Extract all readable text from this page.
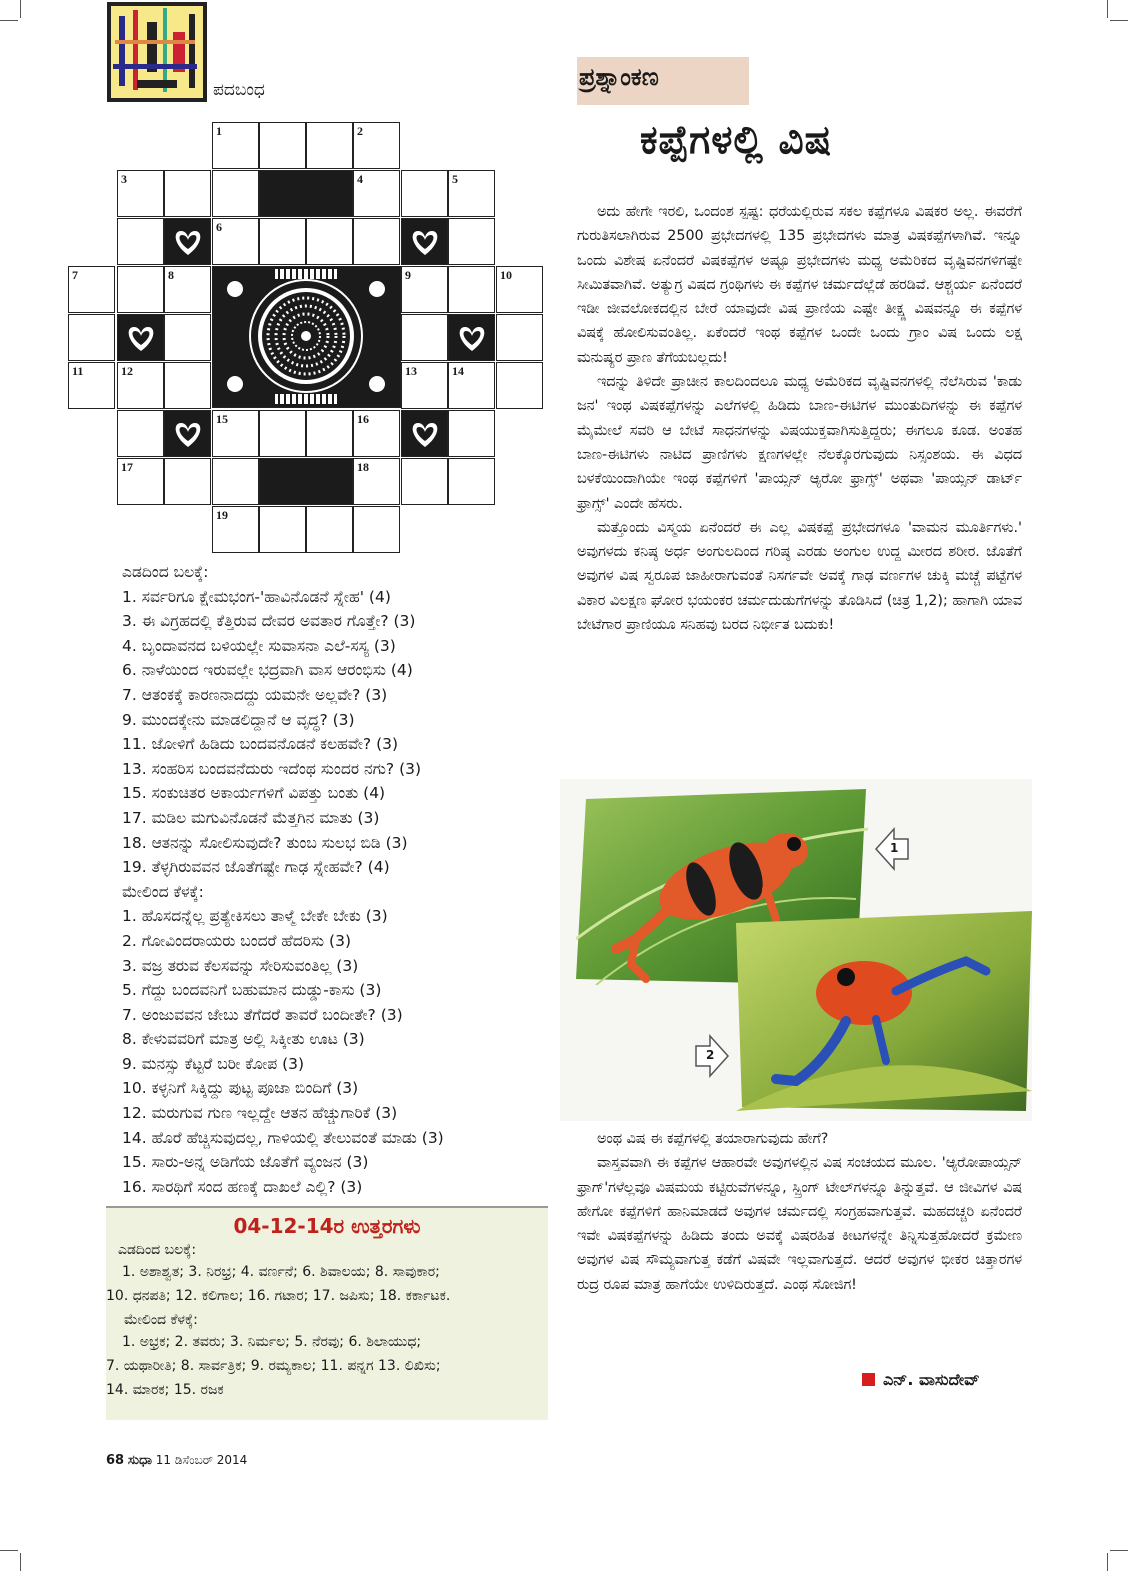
ಪದಬಂಧ
1	2
3	4	5
6
7	8	9	10
11	12	13	14
15	16
17	18
19
ಎಡದಿಂದ ಬಲಕ್ಕೆ:
1. ಸರ್ವರಿಗೂ ಕ್ಷೇಮಭಂಗ-'ಹಾವಿನೊಡನೆ ಸ್ನೇಹ' (4)
3. ಈ ವಿಗ್ರಹದಲ್ಲಿ ಕೆತ್ತಿರುವ ದೇವರ ಅವತಾರ ಗೊತ್ತೇ? (3)
4. ಬೃಂದಾವನದ ಬಳಿಯಲ್ಲೇ ಸುವಾಸನಾ ಎಲೆ-ಸಸ್ಯ (3)
6. ನಾಳೆಯಿಂದ ಇರುವಲ್ಲೇ ಭದ್ರವಾಗಿ ವಾಸ ಆರಂಭಿಸು (4)
7. ಆತಂಕಕ್ಕೆ ಕಾರಣನಾದದ್ದು ಯಮನೇ ಅಲ್ಲವೇ? (3)
9. ಮುಂದಕ್ಕೇನು ಮಾಡಲಿದ್ದಾನೆ ಆ ವೃದ್ಧ? (3)
11. ಜೋಳಿಗೆ ಹಿಡಿದು ಬಂದವನೊಡನೆ ಕಲಹವೇ? (3)
13. ಸಂಹರಿಸ ಬಂದವನೆದುರು ಇದೆಂಥ ಸುಂದರ ನಗು? (3)
15. ಸಂಕುಚಿತರ ಅಕಾರ್ಯಗಳಿಗೆ ವಿಪತ್ತು ಬಂತು (4)
17. ಮಡಿಲ ಮಗುವಿನೊಡನೆ ಮೆತ್ತಗಿನ ಮಾತು (3)
18. ಆತನನ್ನು ಸೋಲಿಸುವುದೇ? ತುಂಬ ಸುಲಭ ಬಿಡಿ (3)
19. ತೆಳ್ಳಗಿರುವವನ ಜೊತೆಗಷ್ಟೇ ಗಾಢ ಸ್ನೇಹವೇ? (4)
ಮೇಲಿಂದ ಕೆಳಕ್ಕೆ:
1. ಹೊಸದನ್ನೆಲ್ಲ ಪ್ರತ್ಯೇಕಿಸಲು ತಾಳ್ಮೆ ಬೇಕೇ ಬೇಕು (3)
2. ಗೋವಿಂದರಾಯರು ಬಂದರೆ ಹೆದರಿಸು (3)
3. ವಜ್ರ ತರುವ ಕೆಲಸವನ್ನು ಸೇರಿಸುವಂತಿಲ್ಲ (3)
5. ಗೆದ್ದು ಬಂದವನಿಗೆ ಬಹುಮಾನ ದುಡ್ಡು-ಕಾಸು (3)
7. ಅಂಜುವವನ ಜೇಬು ತೆಗೆದರೆ ತಾವರೆ ಬಂದೀತೇ? (3)
8. ಕೇಳುವವರಿಗೆ ಮಾತ್ರ ಅಲ್ಲಿ ಸಿಕ್ಕೀತು ಊಟ (3)
9. ಮನಸ್ಸು ಕೆಟ್ಟರೆ ಬರೀ ಕೋಪ (3)
10. ಕಳ್ಳನಿಗೆ ಸಿಕ್ಕಿದ್ದು ಪುಟ್ಟ ಪೂಜಾ ಬಿಂದಿಗೆ (3)
12. ಮರುಗುವ ಗುಣ ಇಲ್ಲದ್ದೇ ಆತನ ಹೆಚ್ಚುಗಾರಿಕೆ (3)
14. ಹೊರೆ ಹೆಚ್ಚಿಸುವುದಲ್ಲ, ಗಾಳಿಯಲ್ಲಿ ತೇಲುವಂತೆ ಮಾಡು (3)
15. ಸಾರು-ಅನ್ನ ಅಡಿಗೆಯ ಜೊತೆಗೆ ವ್ಯಂಜನ (3)
16. ಸಾರಥಿಗೆ ಸಂದ ಹಣಕ್ಕೆ ದಾಖಲೆ ಎಲ್ಲಿ? (3)
04-12-14ರ ಉತ್ತರಗಳು
ಎಡದಿಂದ ಬಲಕ್ಕೆ:
1. ಅಶಾಶ್ವತ; 3. ನಿರಭ್ರ; 4. ವರ್ಣನೆ; 6. ಶಿವಾಲಯ; 8. ಸಾವುಕಾರ;
10. ಧನಪತಿ; 12. ಕಲಿಗಾಲ; 16. ಗಟಾರ; 17. ಜಪಿಸು; 18. ಕರ್ಕಾಟಕ.
ಮೇಲಿಂದ ಕೆಳಕ್ಕೆ:
1. ಅಭ್ರಕ; 2. ತವರು; 3. ನಿರ್ಮಲ; 5. ನೆರವು; 6. ಶಿಲಾಯುಧ;
7. ಯಥಾರೀತಿ; 8. ಸಾರ್ವತ್ರಿಕ; 9. ರಮ್ಯಕಾಲ; 11. ಪನ್ನಗ 13. ಲಿಖಿಸು;
14. ಮಾರಕ; 15. ರಜಕ
68 ಸುಧಾ 11 ಡಿಸೆಂಬರ್ 2014
ಪ್ರಶ್ನಾಂಕಣ
ಕಪ್ಪೆಗಳಲ್ಲಿ ವಿಷ

ಅದು ಹೇಗೇ ಇರಲಿ, ಒಂದಂಶ ಸ್ಪಷ್ಟ: ಧರೆಯಲ್ಲಿರುವ ಸಕಲ ಕಪ್ಪೆಗಳೂ ವಿಷಕರ ಅಲ್ಲ. ಈವರೆಗೆ ಗುರುತಿಸಲಾಗಿರುವ 2500 ಪ್ರಭೇದಗಳಲ್ಲಿ 135 ಪ್ರಭೇದಗಳು ಮಾತ್ರ ವಿಷಕಪ್ಪೆಗಳಾಗಿವೆ. ಇನ್ನೂ ಒಂದು ವಿಶೇಷ ಏನೆಂದರೆ ವಿಷಕಪ್ಪೆಗಳ ಅಷ್ಟೂ ಪ್ರಭೇದಗಳು ಮಧ್ಯ ಅಮೆರಿಕದ ವೃಷ್ಟಿವನಗಳಿಗಷ್ಟೇ ಸೀಮಿತವಾಗಿವೆ. ಅತ್ಯುಗ್ರ ವಿಷದ ಗ್ರಂಥಿಗಳು ಈ ಕಪ್ಪೆಗಳ ಚರ್ಮದೆಲ್ಲೆಡೆ ಹರಡಿವೆ. ಆಶ್ಚರ್ಯ ಏನೆಂದರೆ ಇಡೀ ಜೀವಲೋಕದಲ್ಲಿನ ಬೇರೆ ಯಾವುದೇ ವಿಷ ಪ್ರಾಣಿಯ ಎಷ್ಟೇ ತೀಕ್ಷ್ಣ ವಿಷವನ್ನೂ ಈ ಕಪ್ಪೆಗಳ ವಿಷಕ್ಕೆ ಹೋಲಿಸುವಂತಿಲ್ಲ. ಏಕೆಂದರೆ ಇಂಥ ಕಪ್ಪೆಗಳ ಒಂದೇ ಒಂದು ಗ್ರಾಂ ವಿಷ ಒಂದು ಲಕ್ಷ ಮನುಷ್ಯರ ಪ್ರಾಣ ತೆಗೆಯಬಲ್ಲದು!

ಇದನ್ನು ತಿಳಿದೇ ಪ್ರಾಚೀನ ಕಾಲದಿಂದಲೂ ಮಧ್ಯ ಅಮೆರಿಕದ ವೃಷ್ಟಿವನಗಳಲ್ಲಿ ನೆಲೆಸಿರುವ 'ಕಾಡು ಜನ' ಇಂಥ ವಿಷಕಪ್ಪೆಗಳನ್ನು ಎಲೆಗಳಲ್ಲಿ ಹಿಡಿದು ಬಾಣ-ಈಟಿಗಳ ಮುಂತುದಿಗಳನ್ನು ಈ ಕಪ್ಪೆಗಳ ಮೈಮೇಲೆ ಸವರಿ ಆ ಬೇಟೆ ಸಾಧನಗಳನ್ನು ವಿಷಯುಕ್ತವಾಗಿಸುತ್ತಿದ್ದರು; ಈಗಲೂ ಕೂಡ. ಅಂತಹ ಬಾಣ-ಈಟಿಗಳು ನಾಟಿದ ಪ್ರಾಣಿಗಳು ಕ್ಷಣಗಳಲ್ಲೇ ನೆಲಕ್ಕೊರಗುವುದು ನಿಸ್ಸಂಶಯ. ಈ ವಿಧದ ಬಳಕೆಯಿಂದಾಗಿಯೇ ಇಂಥ ಕಪ್ಪೆಗಳಿಗೆ 'ಪಾಯ್ಸನ್ ಆ್ಯರೋ ಫ್ರಾಗ್ಸ್' ಅಥವಾ 'ಪಾಯ್ಸನ್ ಡಾರ್ಟ್ ಫ್ರಾಗ್ಸ್' ಎಂದೇ ಹೆಸರು.

ಮತ್ತೊಂದು ವಿಸ್ಮಯ ಏನೆಂದರೆ ಈ ಎಲ್ಲ ವಿಷಕಪ್ಪೆ ಪ್ರಭೇದಗಳೂ 'ವಾಮನ ಮೂರ್ತಿಗಳು.' ಅವುಗಳದು ಕನಿಷ್ಠ ಅರ್ಧ ಅಂಗುಲದಿಂದ ಗರಿಷ್ಠ ಎರಡು ಅಂಗುಲ ಉದ್ದ ಮೀರದ ಶರೀರ. ಜೊತೆಗೆ ಅವುಗಳ ವಿಷ ಸ್ವರೂಪ ಜಾಹೀರಾಗುವಂತೆ ನಿಸರ್ಗವೇ ಅವಕ್ಕೆ ಗಾಢ ವರ್ಣಗಳ ಚುಕ್ಕಿ ಮಚ್ಚೆ ಪಟ್ಟೆಗಳ ವಿಕಾರ ವಿಲಕ್ಷಣ ಘೋರ ಭಯಂಕರ ಚರ್ಮದುಡುಗೆಗಳನ್ನು ತೊಡಿಸಿದೆ (ಚಿತ್ರ 1,2); ಹಾಗಾಗಿ ಯಾವ ಬೇಟೆಗಾರ ಪ್ರಾಣಿಯೂ ಸನಿಹವು ಬರದ ನಿರ್ಭೀತ ಬದುಕು!

1
2

ಅಂಥ ವಿಷ ಈ ಕಪ್ಪೆಗಳಲ್ಲಿ ತಯಾರಾಗುವುದು ಹೇಗೆ?

ವಾಸ್ತವವಾಗಿ ಈ ಕಪ್ಪೆಗಳ ಆಹಾರವೇ ಅವುಗಳಲ್ಲಿನ ವಿಷ ಸಂಚಯದ ಮೂಲ. 'ಆ್ಯರೋಪಾಯ್ಸನ್ ಫ್ರಾಗ್'ಗಳೆಲ್ಲವೂ ವಿಷಮಯ ಕಟ್ಟಿರುವೆಗಳನ್ನೂ, ಸ್ಪ್ರಿಂಗ್ ಟೇಲ್‌ಗಳನ್ನೂ ತಿನ್ನುತ್ತವೆ. ಆ ಜೀವಿಗಳ ವಿಷ ಹೇಗೋ ಕಪ್ಪೆಗಳಿಗೆ ಹಾನಿಮಾಡದೆ ಅವುಗಳ ಚರ್ಮದಲ್ಲಿ ಸಂಗ್ರಹವಾಗುತ್ತವೆ. ಮಹದಚ್ಚರಿ ಏನೆಂದರೆ ಇವೇ ವಿಷಕಪ್ಪೆಗಳನ್ನು ಹಿಡಿದು ತಂದು ಅವಕ್ಕೆ ವಿಷರಹಿತ ಕೀಟಗಳನ್ನೇ ತಿನ್ನಿಸುತ್ತಹೋದರೆ ಕ್ರಮೇಣ ಅವುಗಳ ವಿಷ ಸೌಮ್ಯವಾಗುತ್ತ ಕಡೆಗೆ ವಿಷವೇ ಇಲ್ಲವಾಗುತ್ತದೆ. ಆದರೆ ಅವುಗಳ ಭೀಕರ ಚಿತ್ತಾರಗಳ ರುದ್ರ ರೂಪ ಮಾತ್ರ ಹಾಗೆಯೇ ಉಳಿದಿರುತ್ತದೆ. ಎಂಥ ಸೋಜಿಗ!

ಎನ್. ವಾಸುದೇವ್
